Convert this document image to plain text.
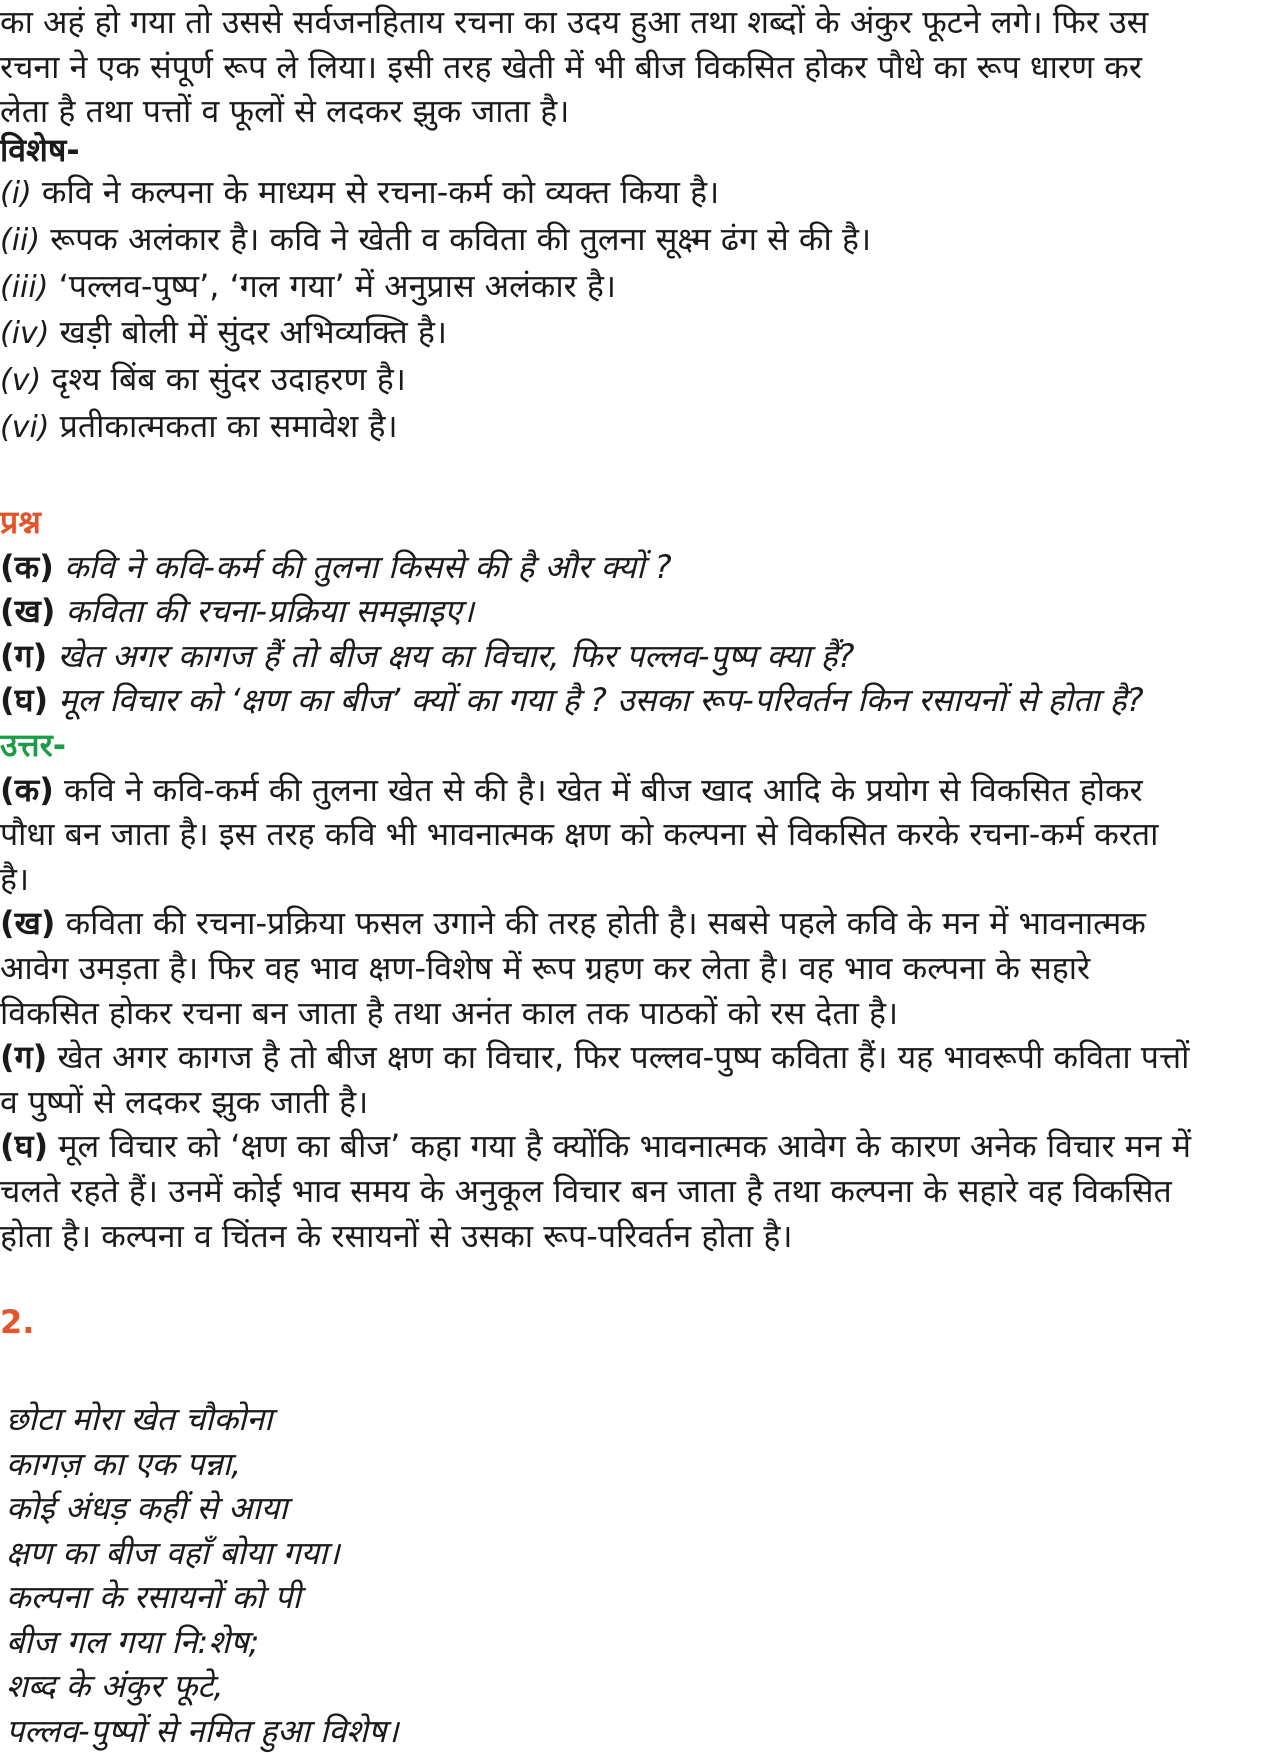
का अहं हो गया तो उससे सर्वजनहिताय रचना का उदय हुआ तथा शब्दों के अंकुर फूटने लगे। फिर उस

रचना ने एक संपूर्ण रूप ले लिया। इसी तरह खेती में भी बीज विकसित होकर पौधे का रूप धारण कर

लेता है तथा पत्तों व फूलों से लदकर झुक जाता है।

विशेष-

(i) कवि ने कल्पना के माध्यम से रचना-कर्म को व्यक्त किया है।

(ii) रूपक अलंकार है। कवि ने खेती व कविता की तुलना सूक्ष्म ढंग से की है।

(iii) ‘पल्लव-पुष्प’, ‘गल गया’ में अनुप्रास अलंकार है।

(iv) खड़ी बोली में सुंदर अभिव्यक्ति है।

(v) दृश्य बिंब का सुंदर उदाहरण है।

(vi) प्रतीकात्मकता का समावेश है।

प्रश्न

(क) कवि ने कवि-कर्म की तुलना किससे की है और क्यों ?

(ख) कविता की रचना-प्रक्रिया समझाइए।

(ग) खेत अगर कागज हैं तो बीज क्षय का विचार, फिर पल्लव-पुष्प क्या हैं?

(घ) मूल विचार को ‘क्षण का बीज’ क्यों का गया है ? उसका रूप-परिवर्तन किन रसायनों से होता है?

उत्तर-

(क) कवि ने कवि-कर्म की तुलना खेत से की है। खेत में बीज खाद आदि के प्रयोग से विकसित होकर

पौधा बन जाता है। इस तरह कवि भी भावनात्मक क्षण को कल्पना से विकसित करके रचना-कर्म करता

है।

(ख) कविता की रचना-प्रक्रिया फसल उगाने की तरह होती है। सबसे पहले कवि के मन में भावनात्मक

आवेग उमड़ता है। फिर वह भाव क्षण-विशेष में रूप ग्रहण कर लेता है। वह भाव कल्पना के सहारे

विकसित होकर रचना बन जाता है तथा अनंत काल तक पाठकों को रस देता है।

(ग) खेत अगर कागज है तो बीज क्षण का विचार, फिर पल्लव-पुष्प कविता हैं। यह भावरूपी कविता पत्तों

व पुष्पों से लदकर झुक जाती है।

(घ) मूल विचार को ‘क्षण का बीज’ कहा गया है क्योंकि भावनात्मक आवेग के कारण अनेक विचार मन में

चलते रहते हैं। उनमें कोई भाव समय के अनुकूल विचार बन जाता है तथा कल्पना के सहारे वह विकसित

होता है। कल्पना व चिंतन के रसायनों से उसका रूप-परिवर्तन होता है।

2.

छोटा मोरा खेत चौकोना

कागज़ का एक पन्ना,

कोई अंधड़ कहीं से आया

क्षण का बीज वहाँ बोया गया।

कल्पना के रसायनों को पी

बीज गल गया नि:शेष;

शब्द के अंकुर फूटे,

पल्लव-पुष्पों से नमित हुआ विशेष।
